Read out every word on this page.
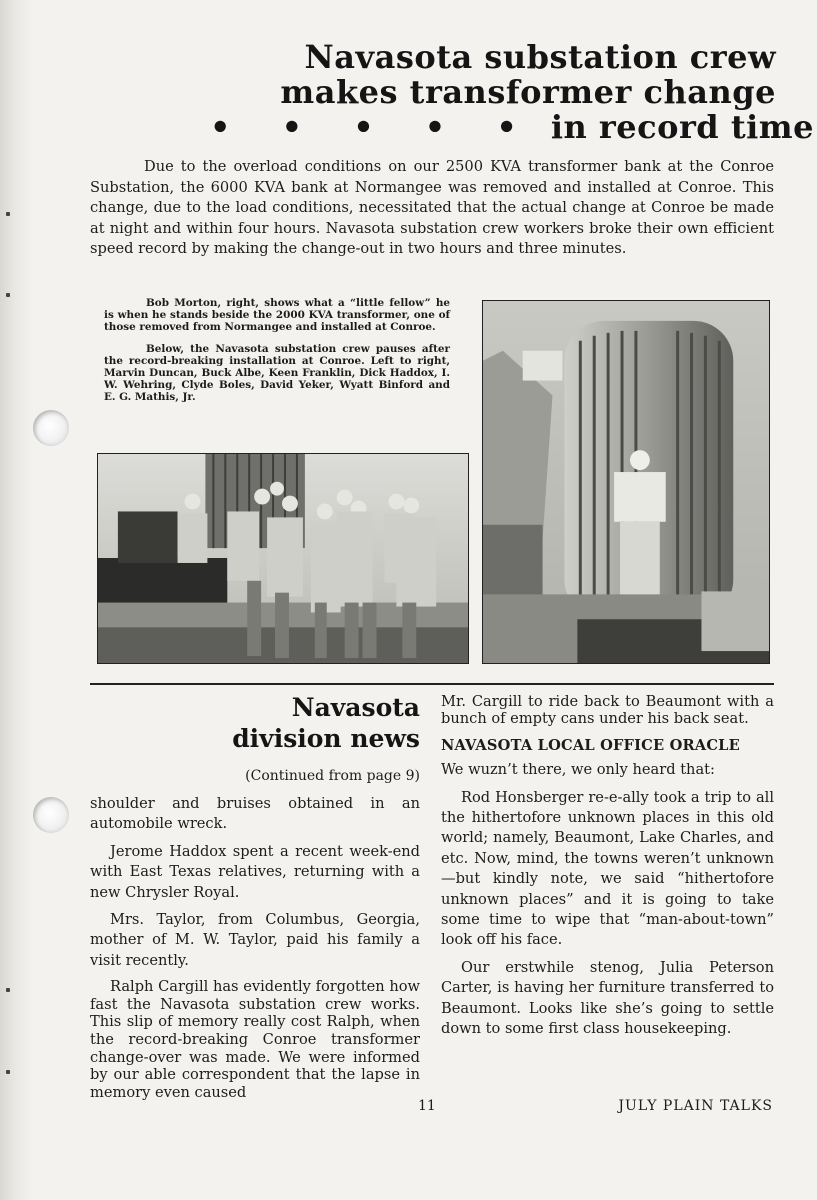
Navasota substation crew
makes transformer change
• • • • • in record time

Due to the overload conditions on our 2500 KVA transformer bank at the Conroe Substation, the 6000 KVA bank at Normangee was removed and installed at Conroe. This change, due to the load conditions, necessitated that the actual change at Conroe be made at night and within four hours. Navasota substation crew workers broke their own efficient speed record by making the change-out in two hours and three minutes.

Bob Morton, right, shows what a “little fellow” he is when he stands beside the 2000 KVA transformer, one of those removed from Normangee and installed at Conroe.

Below, the Navasota substation crew pauses after the record-breaking installation at Conroe. Left to right, Marvin Duncan, Buck Albe, Keen Franklin, Dick Haddox, I. W. Wehring, Clyde Boles, David Yeker, Wyatt Binford and E. G. Mathis, Jr.

Navasota
division news
(Continued from page 9)

shoulder and bruises obtained in an automobile wreck.

Jerome Haddox spent a recent week-end with East Texas relatives, returning with a new Chrysler Royal.

Mrs. Taylor, from Columbus, Georgia, mother of M. W. Taylor, paid his family a visit recently.

Ralph Cargill has evidently forgotten how fast the Navasota substation crew works. This slip of memory really cost Ralph, when the record-breaking Conroe transformer change-over was made. We were informed by our able correspondent that the lapse in memory even caused

Mr. Cargill to ride back to Beaumont with a bunch of empty cans under his back seat.

NAVASOTA LOCAL OFFICE ORACLE

We wuzn’t there, we only heard that:

Rod Honsberger re-e-ally took a trip to all the hithertofore unknown places in this old world; namely, Beaumont, Lake Charles, and etc. Now, mind, the towns weren’t unknown—but kindly note, we said “hithertofore unknown places” and it is going to take some time to wipe that “man-about-town” look off his face.

Our erstwhile stenog, Julia Peterson Carter, is having her furniture transferred to Beaumont. Looks like she’s going to settle down to some first class housekeeping.

11	JULY PLAIN TALKS
